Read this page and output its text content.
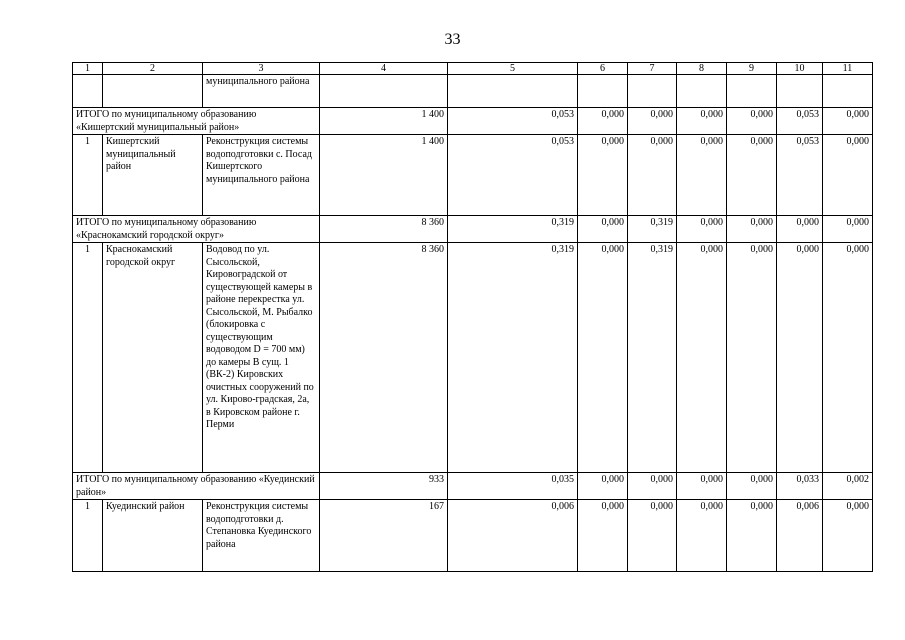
33
1	2	3	4	5	6	7	8	9	10	11
		муниципального района								
ИТОГО по муниципальному образованию «Кишертский муниципальный район»			1 400	0,053	0,000	0,000	0,000	0,000	0,053	0,000
1	Кишертский муниципальный район	Реконструкция системы водоподготовки с. Посад Кишертского муниципального района	1 400	0,053	0,000	0,000	0,000	0,000	0,053	0,000
ИТОГО по муниципальному образованию «Краснокамский городской округ»			8 360	0,319	0,000	0,319	0,000	0,000	0,000	0,000
1	Краснокамский городской округ	Водовод по ул. Сысольской, Кировоградской от существующей камеры в районе перекрестка ул. Сысольской, М. Рыбалко (блокировка с существующим водоводом D = 700 мм) до камеры В сущ. 1 (ВК-2) Кировских очистных сооружений по ул. Кирово-градская, 2а, в Кировском районе г. Перми	8 360	0,319	0,000	0,319	0,000	0,000	0,000	0,000
ИТОГО по муниципальному образованию «Куединский район»			933	0,035	0,000	0,000	0,000	0,000	0,033	0,002
1	Куединский район	Реконструкция системы водоподготовки д. Степановка Куединского района	167	0,006	0,000	0,000	0,000	0,000	0,006	0,000
